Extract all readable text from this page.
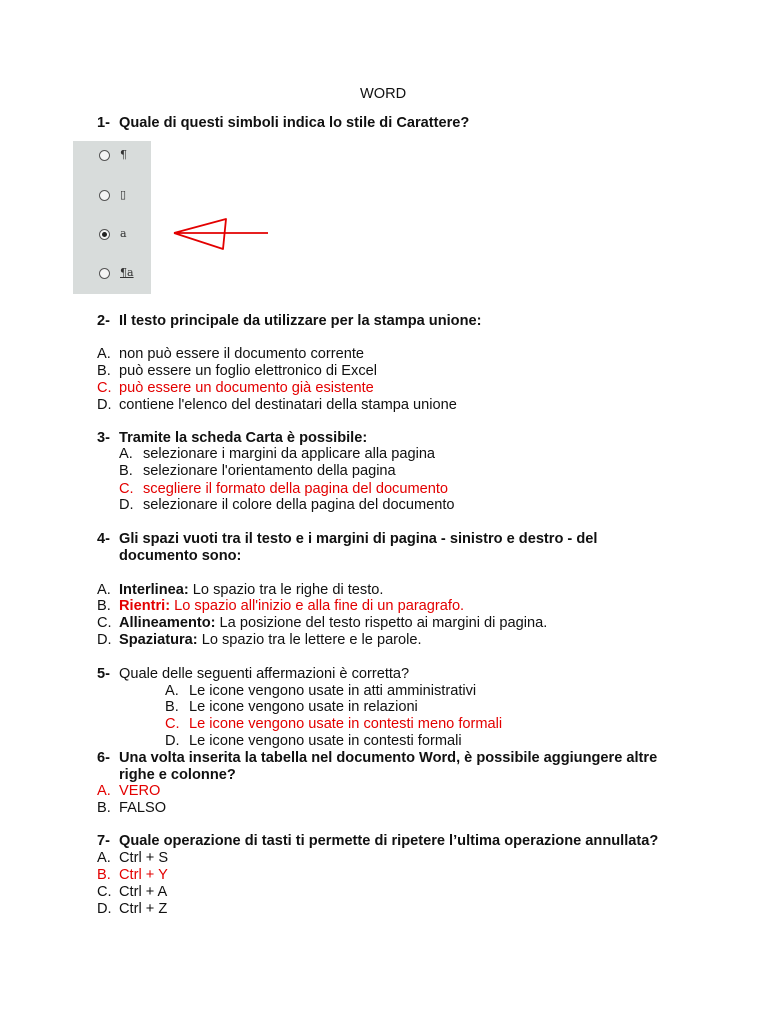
WORD
1- Quale di questi simboli indica lo stile di Carattere?
¶
▯
a
¶a
2- Il testo principale da utilizzare per la stampa unione:
A. non può essere il documento corrente
B. può essere un foglio elettronico di Excel
C. può essere un documento già esistente
D. contiene l'elenco del destinatari della stampa unione
3- Tramite la scheda Carta è possibile:
A. selezionare i margini da applicare alla pagina
B. selezionare l'orientamento della pagina
C. scegliere il formato della pagina del documento
D. selezionare il colore della pagina del documento
4- Gli spazi vuoti tra il testo e i margini di pagina - sinistro e destro - del
documento sono:
A. Interlinea: Lo spazio tra le righe di testo.
B. Rientri: Lo spazio all'inizio e alla fine di un paragrafo.
C. Allineamento: La posizione del testo rispetto ai margini di pagina.
D. Spaziatura: Lo spazio tra le lettere e le parole.
5- Quale delle seguenti affermazioni è corretta?
A. Le icone vengono usate in atti amministrativi
B. Le icone vengono usate in relazioni
C. Le icone vengono usate in contesti meno formali
D. Le icone vengono usate in contesti formali
6- Una volta inserita la tabella nel documento Word, è possibile aggiungere altre
righe e colonne?
A. VERO
B. FALSO
7- Quale operazione di tasti ti permette di ripetere l’ultima operazione annullata?
A. Ctrl + S
B. Ctrl + Y
C. Ctrl + A
D. Ctrl + Z
